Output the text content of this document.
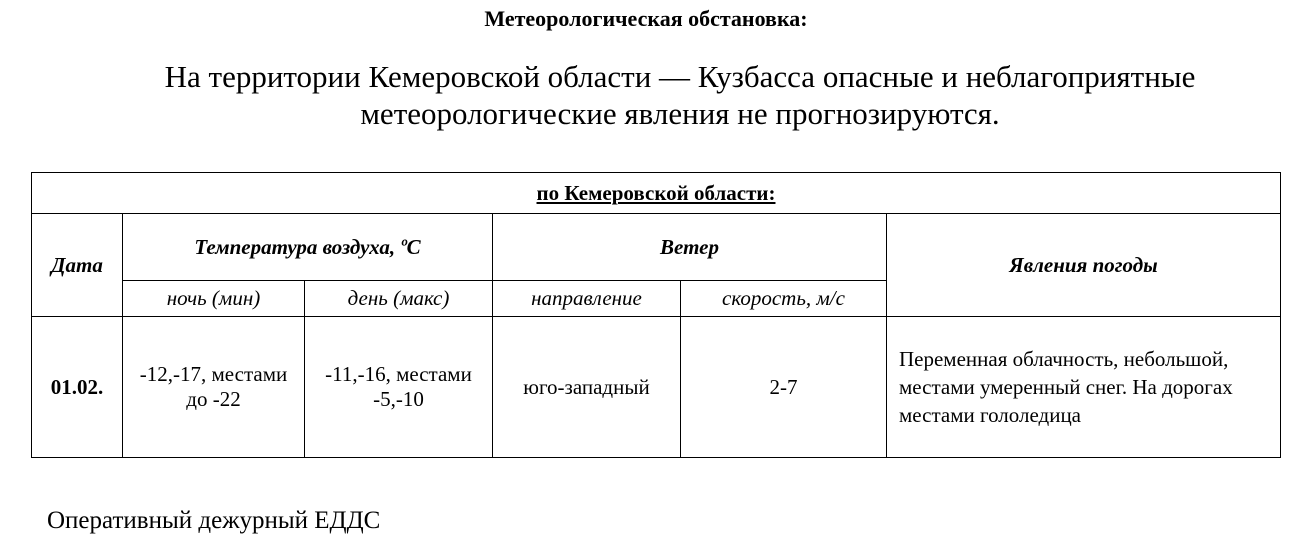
Метеорологическая обстановка:
На территории Кемеровской области — Кузбасса опасные и неблагоприятные
метеорологические явления не прогнозируются.
по Кемеровской области:					
Дата	Температура воздуха, ºС		Ветер		Явления погоды
	ночь (мин)	день (макс)	направление	скорость, м/с	
01.02.	-12,-17, местами до -22	-11,-16, местами -5,-10	юго-западный	2-7	Переменная облачность, небольшой, местами умеренный снег. На дорогах местами гололедица
Оперативный дежурный ЕДДС
